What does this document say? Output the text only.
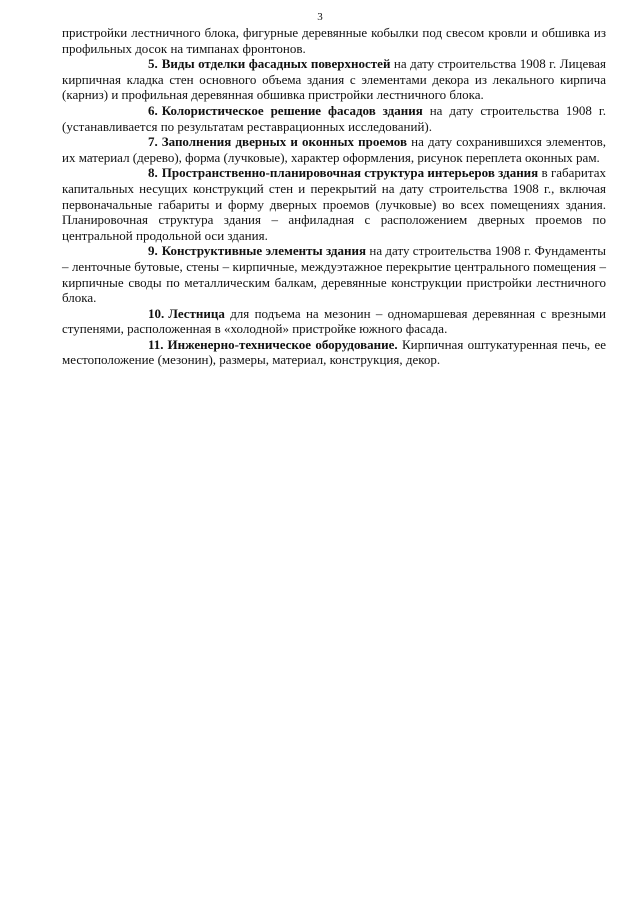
3

пристройки лестничного блока, фигурные деревянные кобылки под свесом кровли и обшивка из профильных досок на тимпанах фронтонов.

5. Виды отделки фасадных поверхностей на дату строительства 1908 г. Лицевая кирпичная кладка стен основного объема здания с элементами декора из лекального кирпича (карниз) и профильная деревянная обшивка пристройки лестничного блока.

6. Колористическое решение фасадов здания на дату строительства 1908 г. (устанавливается по результатам реставрационных исследований).

7. Заполнения дверных и оконных проемов на дату сохранившихся элементов, их материал (дерево), форма (лучковые), характер оформления, рисунок переплета оконных рам.

8. Пространственно-планировочная структура интерьеров здания в габаритах капитальных несущих конструкций стен и перекрытий на дату строительства 1908 г., включая первоначальные габариты и форму дверных проемов (лучковые) во всех помещениях здания. Планировочная структура здания – анфиладная с расположением дверных проемов по центральной продольной оси здания.

9. Конструктивные элементы здания на дату строительства 1908 г. Фундаменты – ленточные бутовые, стены – кирпичные, междуэтажное перекрытие центрального помещения – кирпичные своды по металлическим балкам, деревянные конструкции пристройки лестничного блока.

10. Лестница для подъема на мезонин – одномаршевая деревянная с врезными ступенями, расположенная в «холодной» пристройке южного фасада.

11. Инженерно-техническое оборудование. Кирпичная оштукатуренная печь, ее местоположение (мезонин), размеры, материал, конструкция, декор.
